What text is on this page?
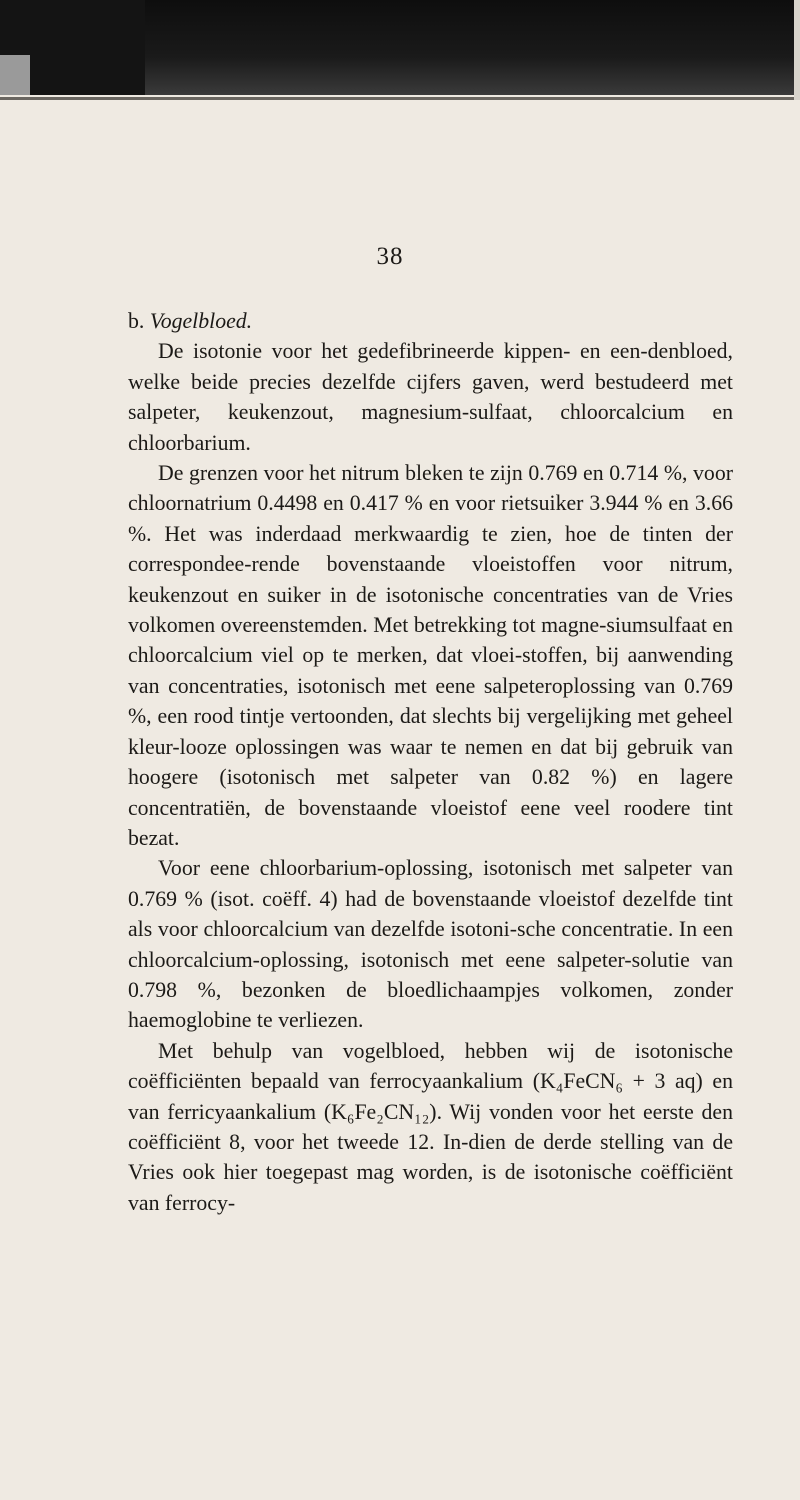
38

b. Vogelbloed.

De isotonie voor het gedefibrineerde kippen- en een-denbloed, welke beide precies dezelfde cijfers gaven, werd bestudeerd met salpeter, keukenzout, magnesium-sulfaat, chloorcalcium en chloorbarium.

De grenzen voor het nitrum bleken te zijn 0.769 en 0.714 %, voor chloornatrium 0.4498 en 0.417 % en voor rietsuiker 3.944 % en 3.66 %. Het was inderdaad merkwaardig te zien, hoe de tinten der correspondee-rende bovenstaande vloeistoffen voor nitrum, keukenzout en suiker in de isotonische concentraties van de Vries volkomen overeenstemden. Met betrekking tot magne-siumsulfaat en chloorcalcium viel op te merken, dat vloei-stoffen, bij aanwending van concentraties, isotonisch met eene salpeteroplossing van 0.769 %, een rood tintje vertoonden, dat slechts bij vergelijking met geheel kleur-looze oplossingen was waar te nemen en dat bij gebruik van hoogere (isotonisch met salpeter van 0.82 %) en lagere concentratiën, de bovenstaande vloeistof eene veel roodere tint bezat.

Voor eene chloorbarium-oplossing, isotonisch met salpeter van 0.769 % (isot. coëff. 4) had de bovenstaande vloeistof dezelfde tint als voor chloorcalcium van dezelfde isotoni-sche concentratie. In een chloorcalcium-oplossing, isotonisch met eene salpeter-solutie van 0.798 %, bezonken de bloedlichaampjes volkomen, zonder haemoglobine te verliezen.

Met behulp van vogelbloed, hebben wij de isotonische coëfficiënten bepaald van ferrocyaankalium (K₄FeCN₆ + 3 aq) en van ferricyaankalium (K₆Fe₂CN₁₂). Wij vonden voor het eerste den coëfficiënt 8, voor het tweede 12. In-dien de derde stelling van de Vries ook hier toegepast mag worden, is de isotonische coëfficiënt van ferrocy-
